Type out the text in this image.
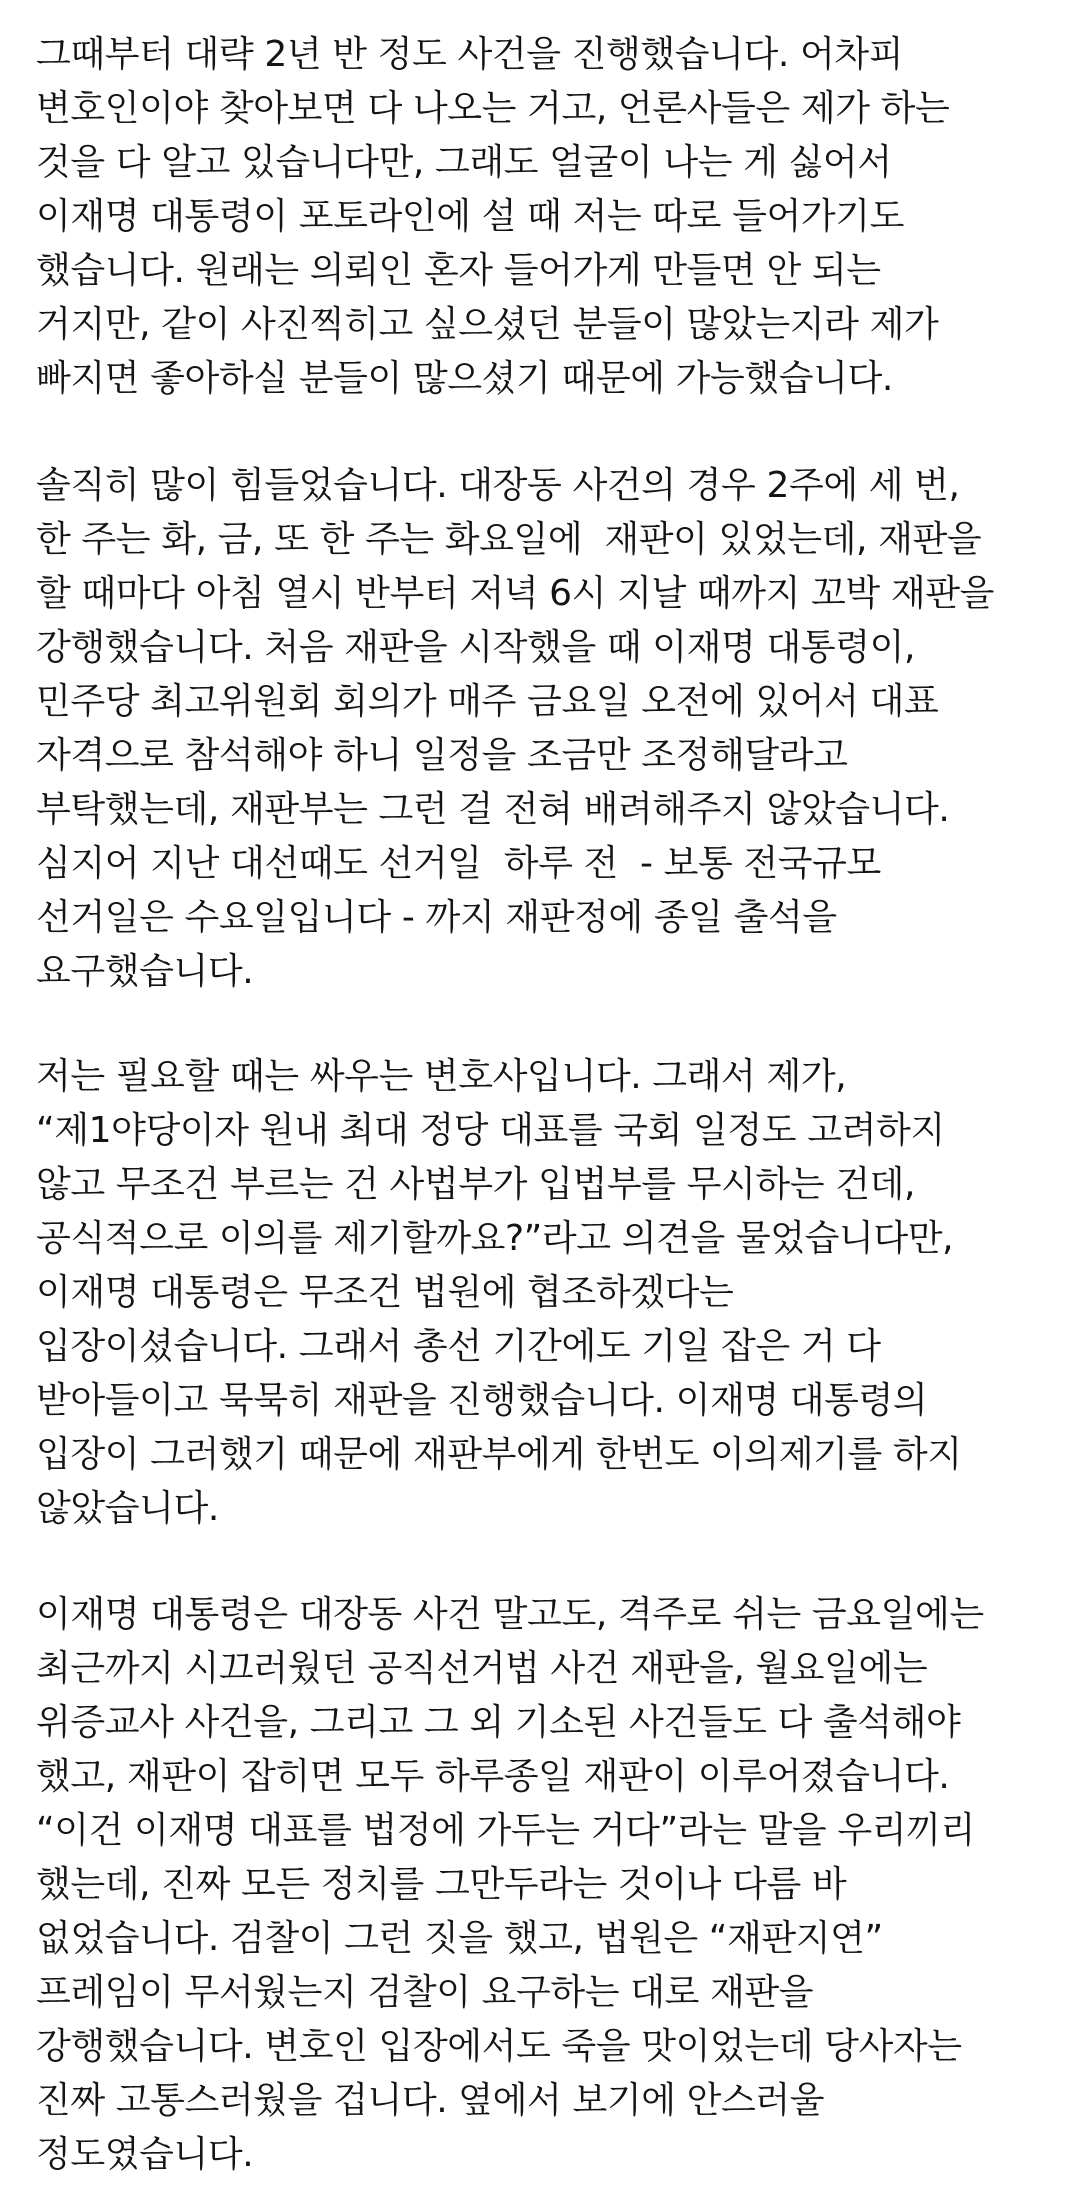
그때부터 대략 2년 반 정도 사건을 진행했습니다. 어차피
변호인이야 찾아보면 다 나오는 거고, 언론사들은 제가 하는
것을 다 알고 있습니다만, 그래도 얼굴이 나는 게 싫어서
이재명 대통령이 포토라인에 설 때 저는 따로 들어가기도
했습니다. 원래는 의뢰인 혼자 들어가게 만들면 안 되는
거지만, 같이 사진찍히고 싶으셨던 분들이 많았는지라 제가
빠지면 좋아하실 분들이 많으셨기 때문에 가능했습니다.
솔직히 많이 힘들었습니다. 대장동 사건의 경우 2주에 세 번,
한 주는 화, 금, 또 한 주는 화요일에  재판이 있었는데, 재판을
할 때마다 아침 열시 반부터 저녁 6시 지날 때까지 꼬박 재판을
강행했습니다. 처음 재판을 시작했을 때 이재명 대통령이,
민주당 최고위원회 회의가 매주 금요일 오전에 있어서 대표
자격으로 참석해야 하니 일정을 조금만 조정해달라고
부탁했는데, 재판부는 그런 걸 전혀 배려해주지 않았습니다.
심지어 지난 대선때도 선거일  하루 전  - 보통 전국규모
선거일은 수요일입니다 - 까지 재판정에 종일 출석을
요구했습니다.
저는 필요할 때는 싸우는 변호사입니다. 그래서 제가,
“제1야당이자 원내 최대 정당 대표를 국회 일정도 고려하지
않고 무조건 부르는 건 사법부가 입법부를 무시하는 건데,
공식적으로 이의를 제기할까요?”라고 의견을 물었습니다만,
이재명 대통령은 무조건 법원에 협조하겠다는
입장이셨습니다. 그래서 총선 기간에도 기일 잡은 거 다
받아들이고 묵묵히 재판을 진행했습니다. 이재명 대통령의
입장이 그러했기 때문에 재판부에게 한번도 이의제기를 하지
않았습니다.
이재명 대통령은 대장동 사건 말고도, 격주로 쉬는 금요일에는
최근까지 시끄러웠던 공직선거법 사건 재판을, 월요일에는
위증교사 사건을, 그리고 그 외 기소된 사건들도 다 출석해야
했고, 재판이 잡히면 모두 하루종일 재판이 이루어졌습니다.
“이건 이재명 대표를 법정에 가두는 거다”라는 말을 우리끼리
했는데, 진짜 모든 정치를 그만두라는 것이나 다름 바
없었습니다. 검찰이 그런 짓을 했고, 법원은 “재판지연”
프레임이 무서웠는지 검찰이 요구하는 대로 재판을
강행했습니다. 변호인 입장에서도 죽을 맛이었는데 당사자는
진짜 고통스러웠을 겁니다. 옆에서 보기에 안스러울
정도였습니다.
